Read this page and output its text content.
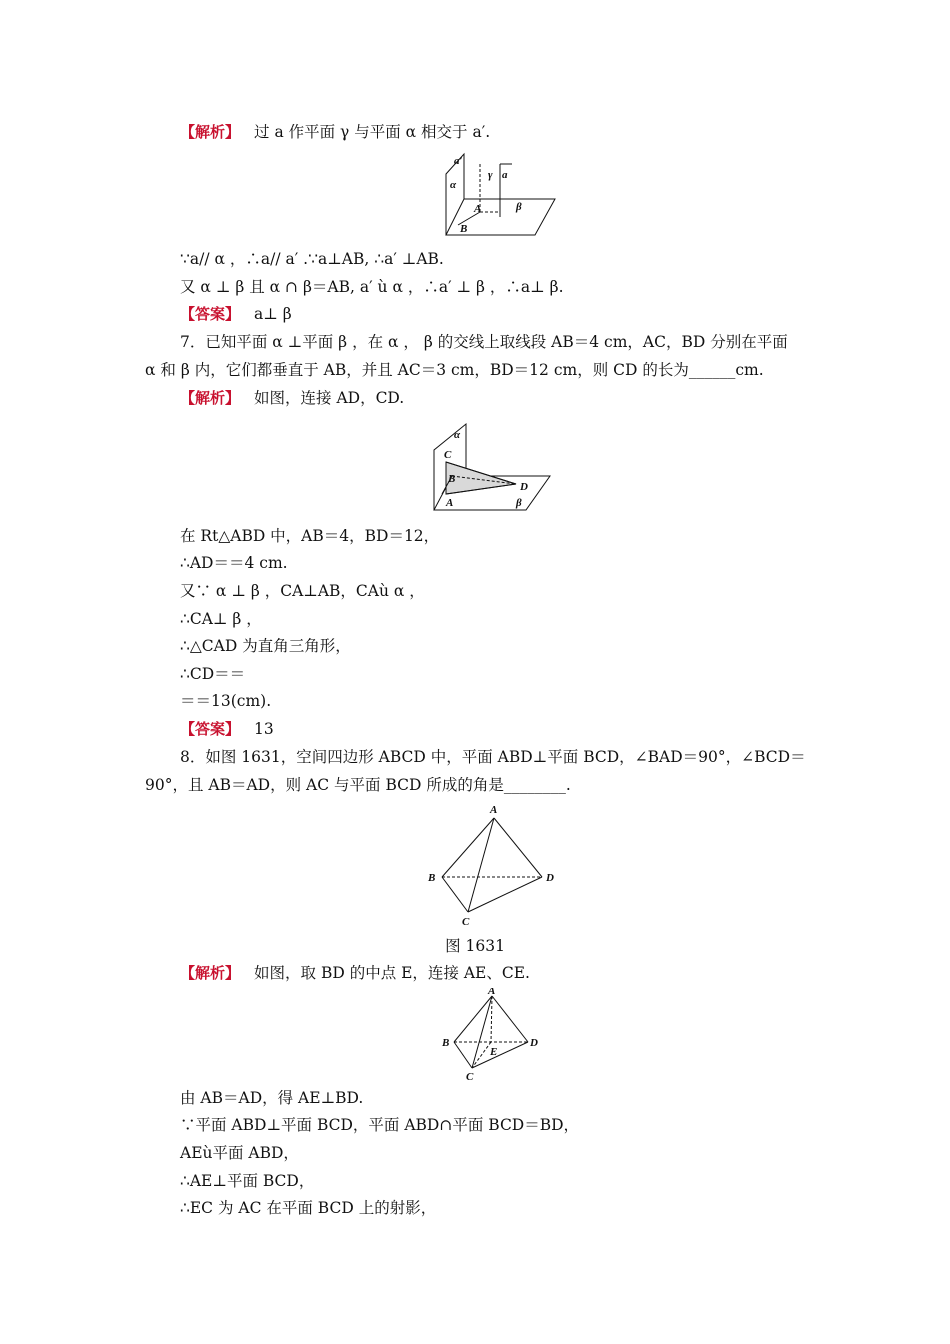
【解析】 过 a 作平面 γ 与平面 α 相交于 a′.
a′
a
α
γ
A	β
B
∵a// α ，∴a// a′ .∵a⊥AB, ∴a′ ⊥AB.
又 α ⊥ β 且 α ∩ β＝AB, a′ ù α ，∴a′ ⊥ β ，∴a⊥ β.
【答案】 a⊥ β
7．已知平面 α ⊥平面 β ，在 α ， β 的交线上取线段 AB＝4 cm，AC，BD 分别在平面
α 和 β 内，它们都垂直于 AB，并且 AC＝3 cm，BD＝12 cm，则 CD 的长为______cm.
【解析】 如图，连接 AD，CD.
α
C
B
D
A	β
在 Rt△ABD 中，AB＝4，BD＝12，
∴AD＝＝4 cm.
又∵ α ⊥ β ，CA⊥AB，CAù α ，
∴CA⊥ β ，
∴△CAD 为直角三角形，
∴CD＝＝
＝＝13(cm).
【答案】 13
8．如图 1631，空间四边形 ABCD 中，平面 ABD⊥平面 BCD，∠BAD＝90°，∠BCD＝
90°，且 AB＝AD，则 AC 与平面 BCD 所成的角是________.
A
B	D
C
图 1631
【解析】 如图，取 BD 的中点 E，连接 AE、CE.
A
B
E
D
C
由 AB＝AD，得 AE⊥BD.
∵平面 ABD⊥平面 BCD，平面 ABD∩平面 BCD＝BD，
AEù平面 ABD，
∴AE⊥平面 BCD，
∴EC 为 AC 在平面 BCD 上的射影，
